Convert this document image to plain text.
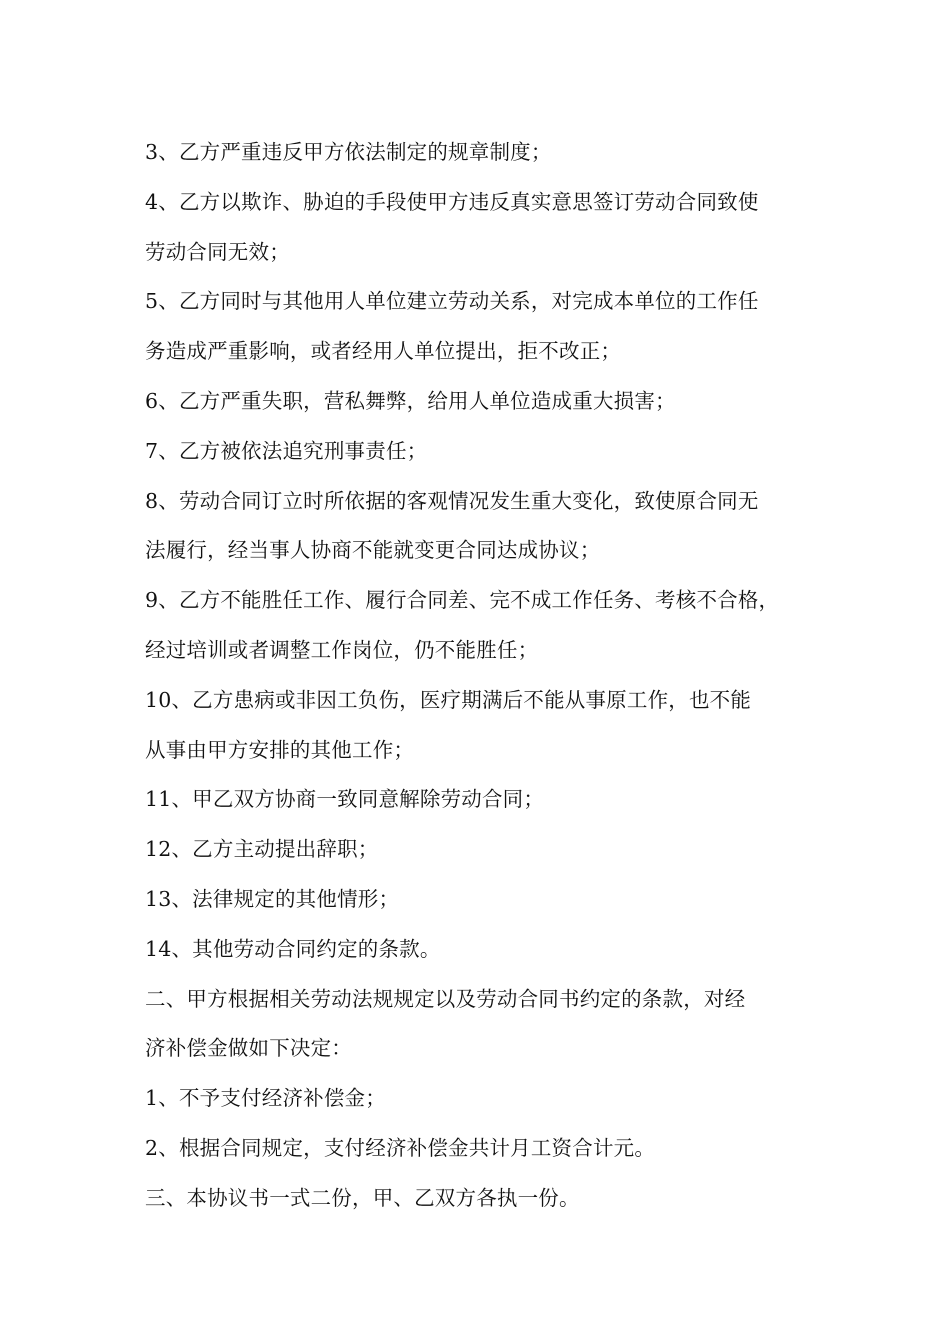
3、乙方严重违反甲方依法制定的规章制度；
4、乙方以欺诈、胁迫的手段使甲方违反真实意思签订劳动合同致使
劳动合同无效；
5、乙方同时与其他用人单位建立劳动关系，对完成本单位的工作任
务造成严重影响，或者经用人单位提出，拒不改正；
6、乙方严重失职，营私舞弊，给用人单位造成重大损害；
7、乙方被依法追究刑事责任；
8、劳动合同订立时所依据的客观情况发生重大变化，致使原合同无
法履行，经当事人协商不能就变更合同达成协议；
9、乙方不能胜任工作、履行合同差、完不成工作任务、考核不合格，
经过培训或者调整工作岗位，仍不能胜任；
10、乙方患病或非因工负伤，医疗期满后不能从事原工作，也不能
从事由甲方安排的其他工作；
11、甲乙双方协商一致同意解除劳动合同；
12、乙方主动提出辞职；
13、法律规定的其他情形；
14、其他劳动合同约定的条款。
二、甲方根据相关劳动法规规定以及劳动合同书约定的条款，对经
济补偿金做如下决定：
1、不予支付经济补偿金；
2、根据合同规定，支付经济补偿金共计月工资合计元。
三、本协议书一式二份，甲、乙双方各执一份。
